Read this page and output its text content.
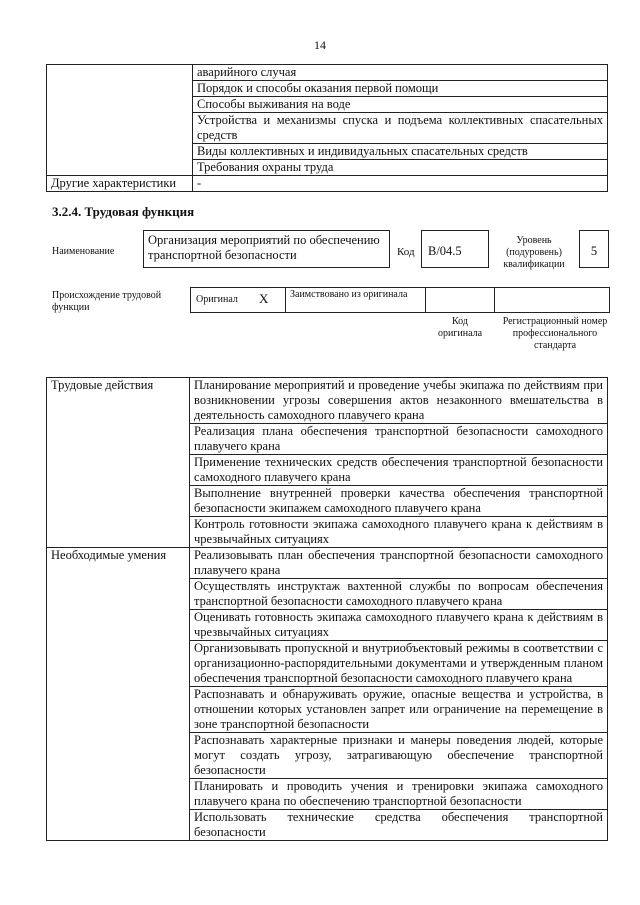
14
	аварийного случая
	Порядок и способы оказания первой помощи
	Способы выживания на воде
	Устройства и механизмы спуска и подъема коллективных спасательных средств
	Виды коллективных и индивидуальных спасательных средств
	Требования охраны труда
Другие характеристики	-
3.2.4. Трудовая функция
Наименование
Организация мероприятий по обеспечению транспортной безопасности	Код	B/04.5
Уровень (подуровень) квалификации
5
Происхождение трудовой функции
Оригинал X Заимствовано из оригинала
Код оригинала
Регистрационный номер профессионального стандарта
Трудовые действия	Планирование мероприятий и проведение учебы экипажа по действиям при возникновении угрозы совершения актов незаконного вмешательства в деятельность самоходного плавучего крана
	Реализация плана обеспечения транспортной безопасности самоходного плавучего крана
	Применение технических средств обеспечения транспортной безопасности самоходного плавучего крана
	Выполнение внутренней проверки качества обеспечения транспортной безопасности экипажем самоходного плавучего крана
	Контроль готовности экипажа самоходного плавучего крана к действиям в чрезвычайных ситуациях
Необходимые умения	Реализовывать план обеспечения транспортной безопасности самоходного плавучего крана
	Осуществлять инструктаж вахтенной службы по вопросам обеспечения транспортной безопасности самоходного плавучего крана
	Оценивать готовность экипажа самоходного плавучего крана к действиям в чрезвычайных ситуациях
	Организовывать пропускной и внутриобъектовый режимы в соответствии с организационно-распорядительными документами и утвержденным планом обеспечения транспортной безопасности самоходного плавучего крана
	Распознавать и обнаруживать оружие, опасные вещества и устройства, в отношении которых установлен запрет или ограничение на перемещение в зоне транспортной безопасности
	Распознавать характерные признаки и манеры поведения людей, которые могут создать угрозу, затрагивающую обеспечение транспортной безопасности
	Планировать и проводить учения и тренировки экипажа самоходного плавучего крана по обеспечению транспортной безопасности
	Использовать технические средства обеспечения транспортной безопасности
